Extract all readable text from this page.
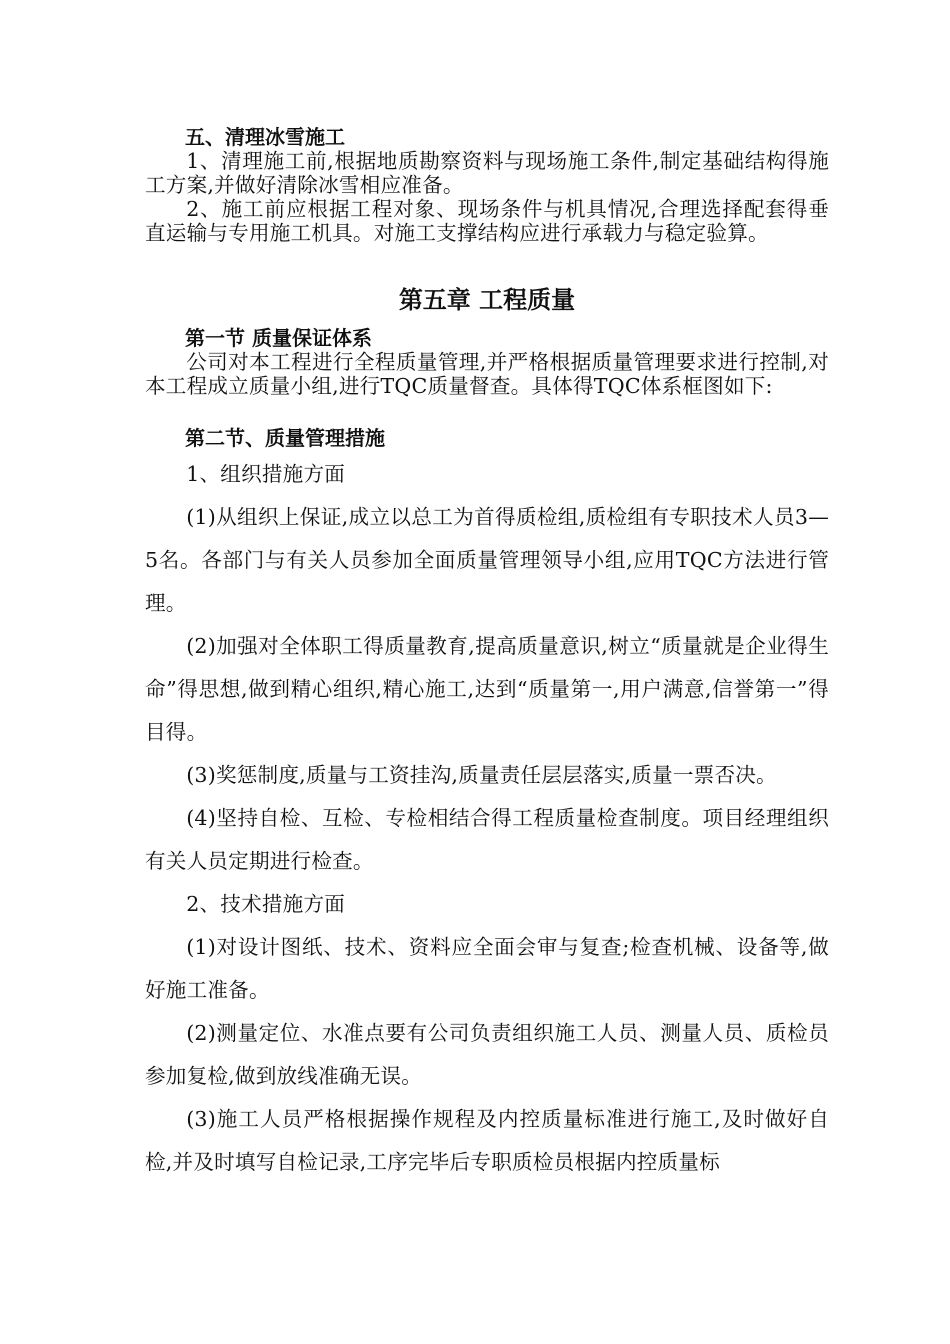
五、清理冰雪施工

1、清理施工前,根据地质勘察资料与现场施工条件,制定基础结构得施工方案,并做好清除冰雪相应准备。

2、施工前应根据工程对象、现场条件与机具情况,合理选择配套得垂直运输与专用施工机具。对施工支撑结构应进行承载力与稳定验算。

第五章 工程质量

第一节 质量保证体系

公司对本工程进行全程质量管理,并严格根据质量管理要求进行控制,对本工程成立质量小组,进行TQC质量督查。具体得TQC体系框图如下:

第二节、质量管理措施

1、组织措施方面

(1)从组织上保证,成立以总工为首得质检组,质检组有专职技术人员3—5名。各部门与有关人员参加全面质量管理领导小组,应用TQC方法进行管理。

(2)加强对全体职工得质量教育,提高质量意识,树立“质量就是企业得生命”得思想,做到精心组织,精心施工,达到“质量第一,用户满意,信誉第一”得目得。

(3)奖惩制度,质量与工资挂沟,质量责任层层落实,质量一票否决。

(4)坚持自检、互检、专检相结合得工程质量检查制度。项目经理组织有关人员定期进行检查。

2、技术措施方面

(1)对设计图纸、技术、资料应全面会审与复查;检查机械、设备等,做好施工准备。

(2)测量定位、水准点要有公司负责组织施工人员、测量人员、质检员参加复检,做到放线准确无误。

(3)施工人员严格根据操作规程及内控质量标准进行施工,及时做好自检,并及时填写自检记录,工序完毕后专职质检员根据内控质量标
